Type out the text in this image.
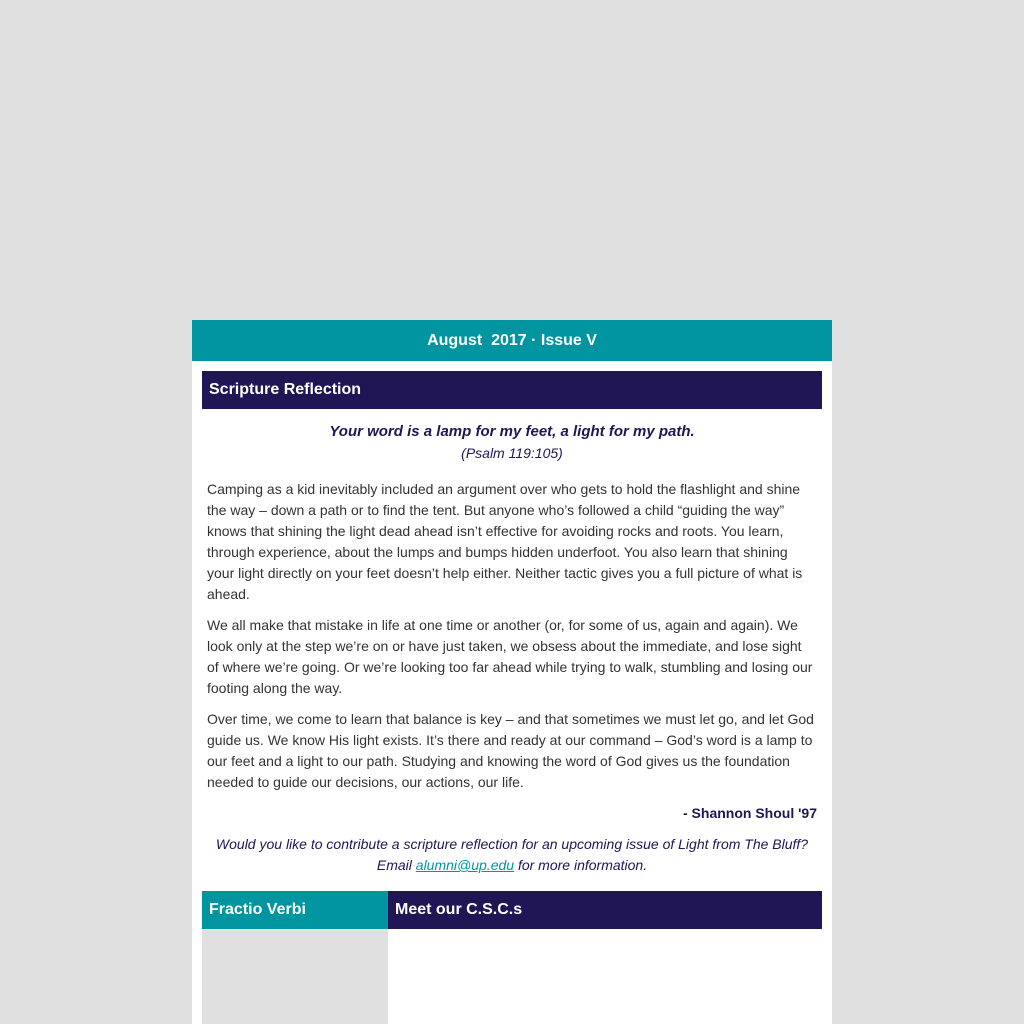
August  2017 · Issue V
Scripture Reflection
Your word is a lamp for my feet, a light for my path.
(Psalm 119:105)

Camping as a kid inevitably included an argument over who gets to hold the flashlight and shine the way – down a path or to find the tent. But anyone who’s followed a child “guiding the way” knows that shining the light dead ahead isn’t effective for avoiding rocks and roots. You learn, through experience, about the lumps and bumps hidden underfoot. You also learn that shining your light directly on your feet doesn’t help either. Neither tactic gives you a full picture of what is ahead.

We all make that mistake in life at one time or another (or, for some of us, again and again). We look only at the step we’re on or have just taken, we obsess about the immediate, and lose sight of where we’re going. Or we’re looking too far ahead while trying to walk, stumbling and losing our footing along the way.

Over time, we come to learn that balance is key – and that sometimes we must let go, and let God guide us. We know His light exists. It’s there and ready at our command – God’s word is a lamp to our feet and a light to our path. Studying and knowing the word of God gives us the foundation needed to guide our decisions, our actions, our life.

- Shannon Shoul '97
Would you like to contribute a scripture reflection for an upcoming issue of Light from The Bluff?
Email alumni@up.edu for more information.
Fractio Verbi	Meet our C.S.C.s
